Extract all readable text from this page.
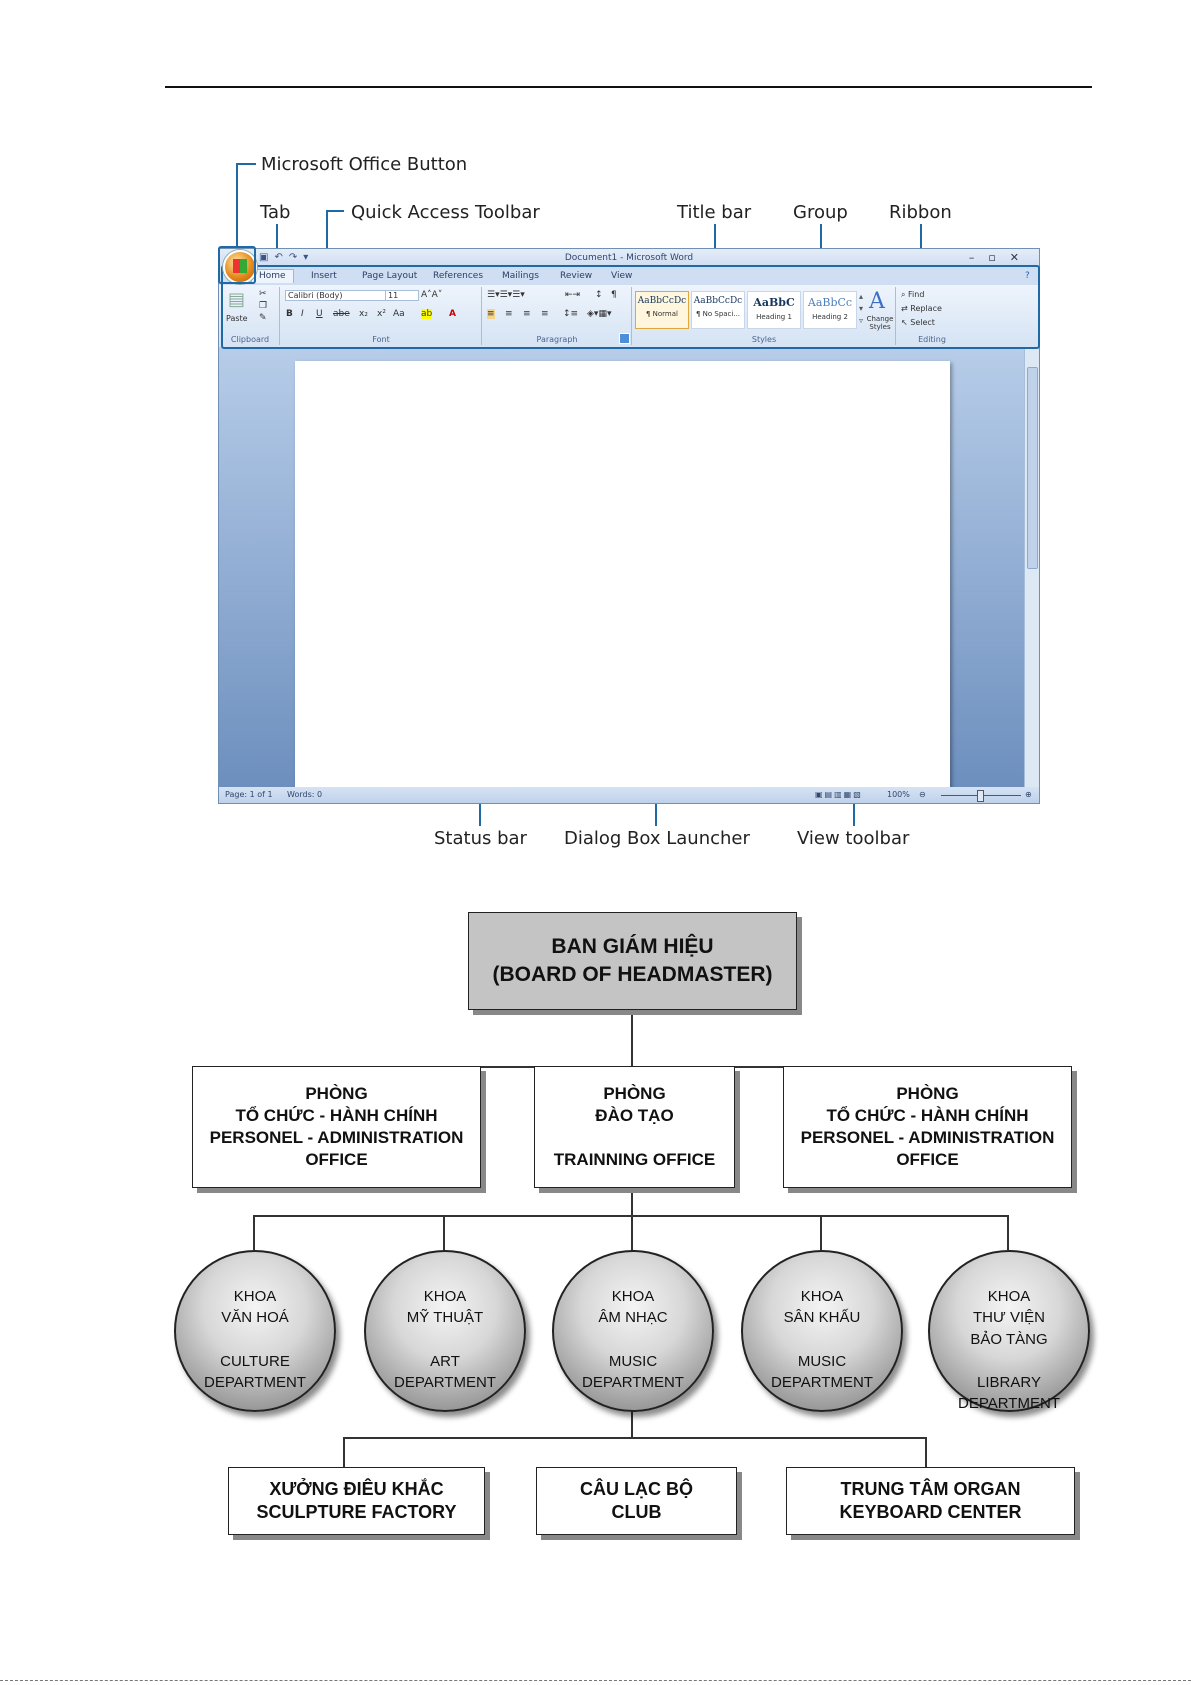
Microsoft Office Button
Tab	Quick Access Toolbar	Title bar Group Ribbon
Status bar Dialog Box Launcher	View toolbar
▣↶↷▾	Document1 - Microsoft Word	–▫✕
Home	Insert	Page Layout References Mailings Review View	?
▤
Paste
✂
❐
✎
Clipboard
Calibri (Body)	11	A˄A˅
B I U abe x₂ x² Aa ab A
Font
☰▾☰▾☰▾	⇤⇥ ↕ ¶
≡ ≡ ≡ ≡ ↕≡ ◈▾▦▾
Paragraph
AaBbCcDc
¶ Normal
AaBbCcDc
¶ No Spaci...
AaBbC
Heading 1
AaBbCc
Heading 2
▴
▾
▿
A
Change Styles
Styles
⌕ Find
⇄ Replace
↖ Select
Editing
Page: 1 of 1 Words: 0	▣▤▥▦▧	100% ⊖	⊕
BAN GIÁM HIỆU
(BOARD OF HEADMASTER)
PHÒNG
TỔ CHỨC - HÀNH CHÍNH
PERSONEL - ADMINISTRATION
OFFICE
PHÒNG
ĐÀO TẠO
TRAINNING OFFICE
PHÒNG
TỔ CHỨC - HÀNH CHÍNH
PERSONEL - ADMINISTRATION
OFFICE
KHOA
VĂN HOÁ
CULTURE
DEPARTMENT
KHOA
MỸ THUẬT
ART
DEPARTMENT
KHOA
ÂM NHẠC
MUSIC
DEPARTMENT
KHOA
SÂN KHẤU
MUSIC
DEPARTMENT
KHOA
THƯ VIỆN
BẢO TÀNG
LIBRARY
DEPARTMENT
XƯỞNG ĐIÊU KHẮC
SCULPTURE FACTORY
CÂU LẠC BỘ
CLUB
TRUNG TÂM ORGAN
KEYBOARD CENTER
